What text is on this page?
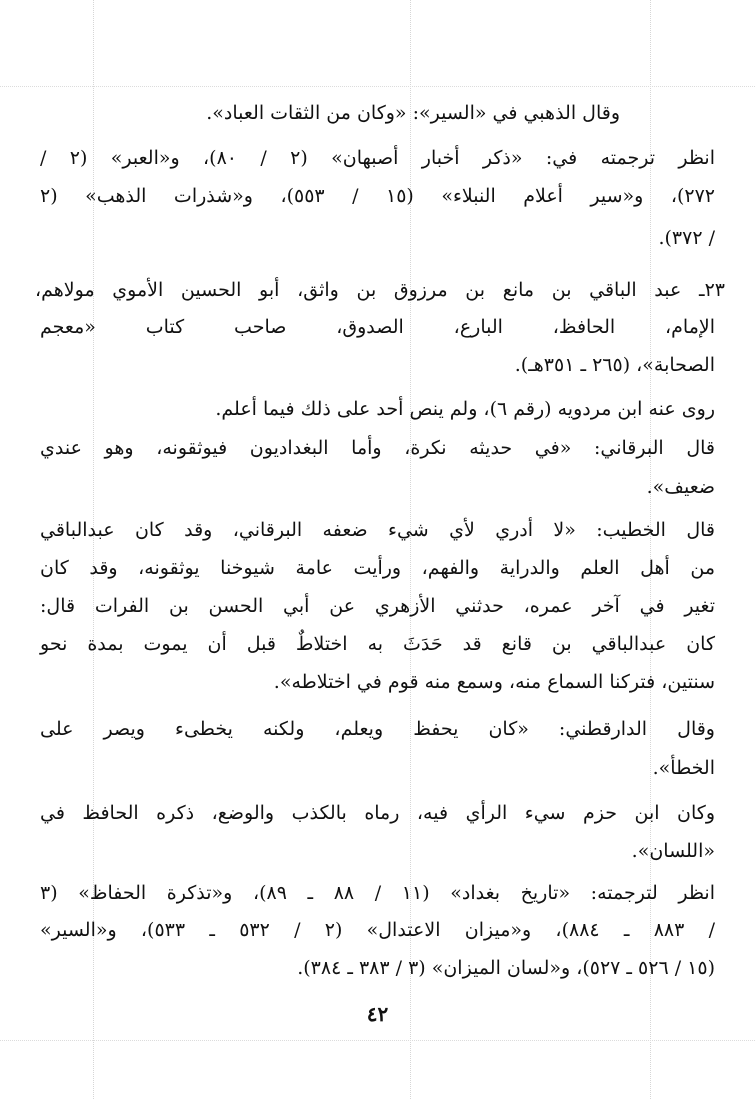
وقال الذهبي في «السير»: «وكان من الثقات العباد».
انظر ترجمته في: «ذكر أخبار أصبهان» (٢ / ٨٠)، و«العبر» (٢ /
٢٧٢)، و«سير أعلام النبلاء» (١٥ / ٥٥٣)، و«شذرات الذهب» (٢
/ ٣٧٢).
٢٣ـ عبد الباقي بن مانع بن مرزوق بن واثق، أبو الحسين الأموي مولاهم،
الإمام، الحافظ، البارع، الصدوق، صاحب كتاب «معجم
الصحابة»، (٢٦٥ ـ ٣٥١هـ).
روى عنه ابن مردويه (رقم ٦)، ولم ينص أحد على ذلك فيما أعلم.
قال البرقاني: «في حديثه نكرة، وأما البغداديون فيوثقونه، وهو عندي
ضعيف».
قال الخطيب: «لا أدري لأي شيء ضعفه البرقاني، وقد كان عبدالباقي
من أهل العلم والدراية والفهم، ورأيت عامة شيوخنا يوثقونه، وقد كان
تغير في آخر عمره، حدثني الأزهري عن أبي الحسن بن الفرات قال:
كان عبدالباقي بن قانع قد حَدَثَ به اختلاطٌ قبل أن يموت بمدة نحو
سنتين، فتركنا السماع منه، وسمع منه قوم في اختلاطه».
وقال الدارقطني: «كان يحفظ ويعلم، ولكنه يخطىء ويصر على
الخطأ».
وكان ابن حزم سيء الرأي فيه، رماه بالكذب والوضع، ذكره الحافظ في
«اللسان».
انظر لترجمته: «تاريخ بغداد» (١١ / ٨٨ ـ ٨٩)، و«تذكرة الحفاظ» (٣
/ ٨٨٣ ـ ٨٨٤)، و«ميزان الاعتدال» (٢ / ٥٣٢ ـ ٥٣٣)، و«السير»
(١٥ / ٥٢٦ ـ ٥٢٧)، و«لسان الميزان» (٣ / ٣٨٣ ـ ٣٨٤).
٤٢
